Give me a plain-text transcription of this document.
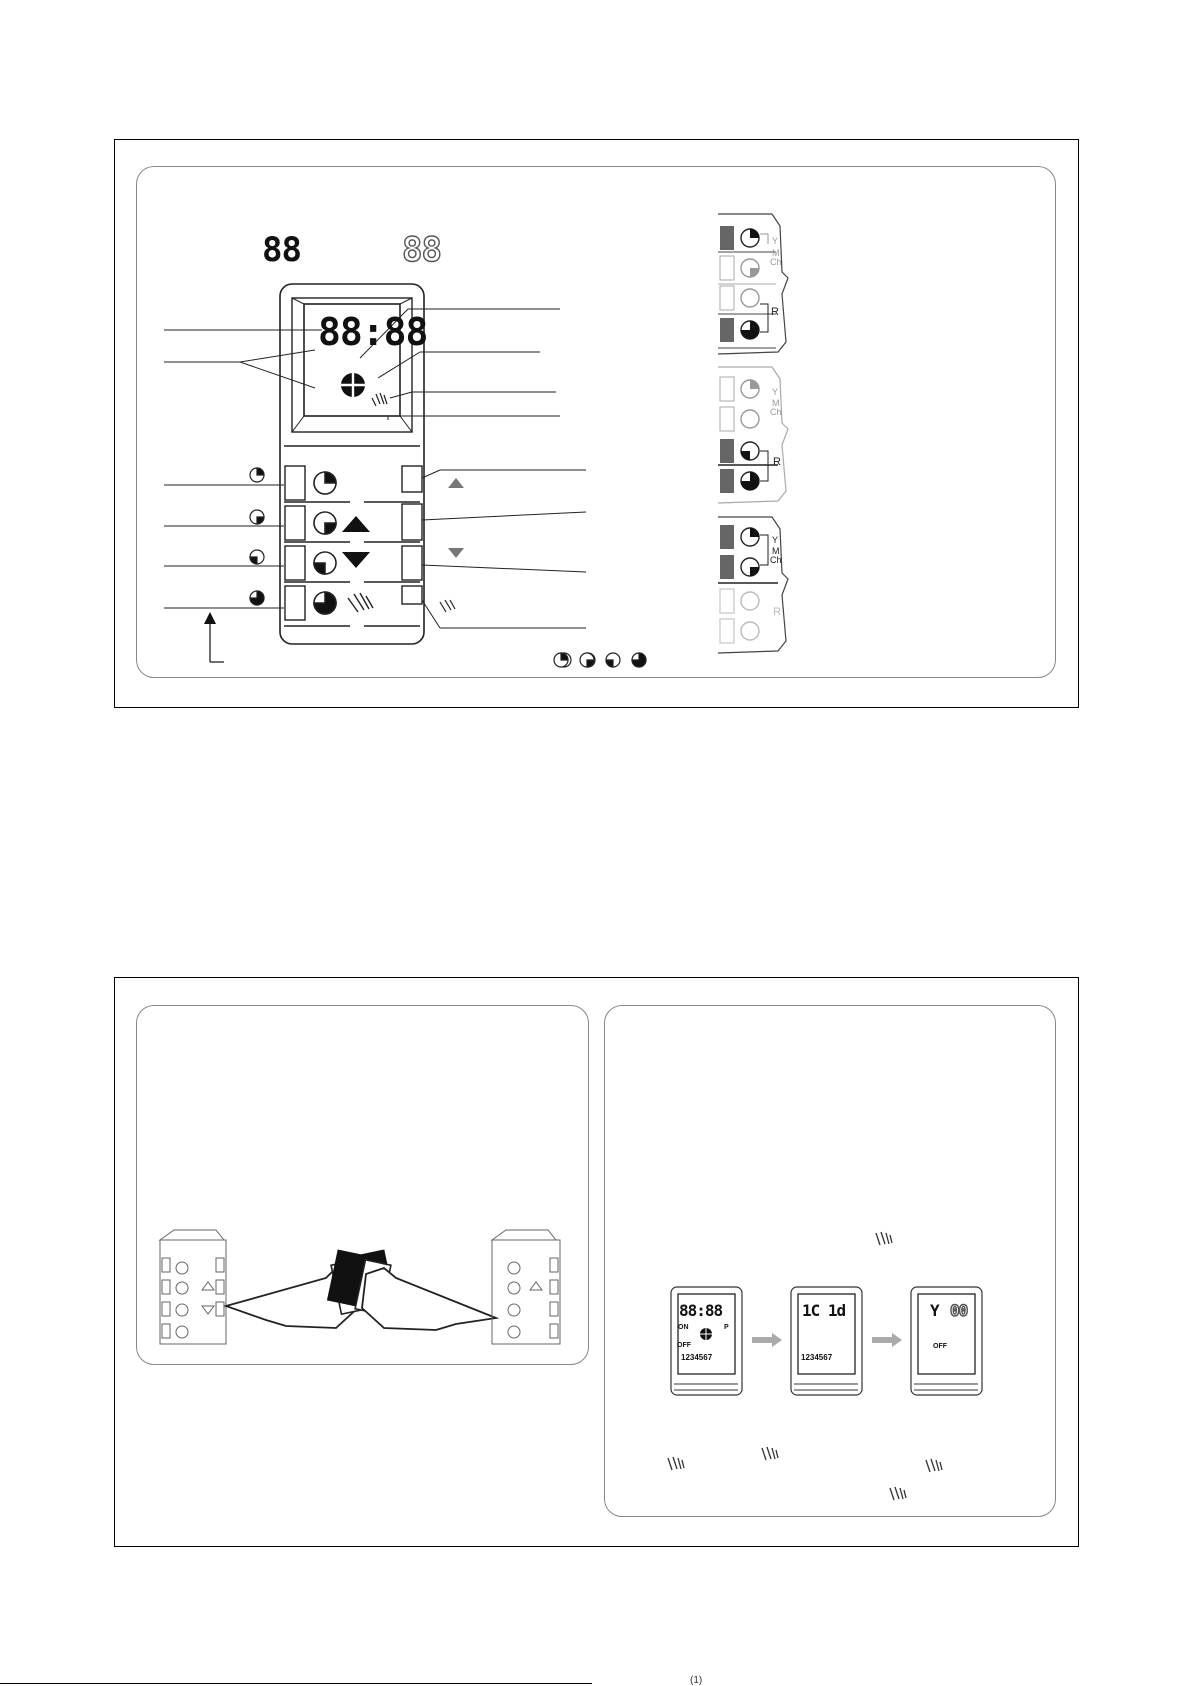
88	88
88:88
Y
M
Ch
R
Y
M
Ch
R
Y
M
Ch
R
88:88
ON	P
OFF
1234567
1C 1d
1234567
Y 00
OFF
(1)
